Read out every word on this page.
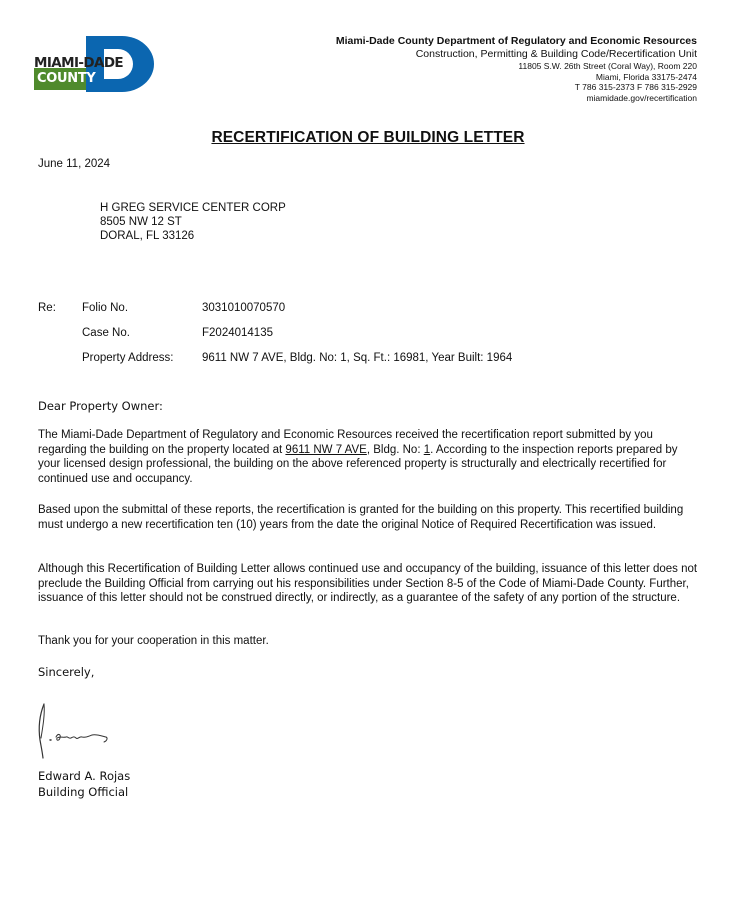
MIAMI-DADE
COUNTY
Miami-Dade County Department of Regulatory and Economic Resources
Construction, Permitting & Building Code/Recertification Unit
11805 S.W. 26th Street (Coral Way), Room 220
Miami, Florida 33175-2474
T 786 315-2373 F 786 315-2929
miamidade.gov/recertification
RECERTIFICATION OF BUILDING LETTER
June 11, 2024
H GREG SERVICE CENTER CORP
8505 NW 12 ST
DORAL, FL 33126
Re: Folio No.	3031010070570
Case No.	F2024014135
Property Address: 9611 NW 7 AVE, Bldg. No: 1, Sq. Ft.: 16981, Year Built: 1964
Dear Property Owner:

The Miami-Dade Department of Regulatory and Economic Resources received the recertification report submitted by you regarding the building on the property located at 9611 NW 7 AVE, Bldg. No: 1. According to the inspection reports prepared by your licensed design professional, the building on the above referenced property is structurally and electrically recertified for continued use and occupancy.

Based upon the submittal of these reports, the recertification is granted for the building on this property. This recertified building must undergo a new recertification ten (10) years from the date the original Notice of Required Recertification was issued.

Although this Recertification of Building Letter allows continued use and occupancy of the building, issuance of this letter does not preclude the Building Official from carrying out his responsibilities under Section 8-5 of the Code of Miami-Dade County. Further, issuance of this letter should not be construed directly, or indirectly, as a guarantee of the safety of any portion of the structure.

Thank you for your cooperation in this matter.

Sincerely,
Edward A. Rojas
Building Official
